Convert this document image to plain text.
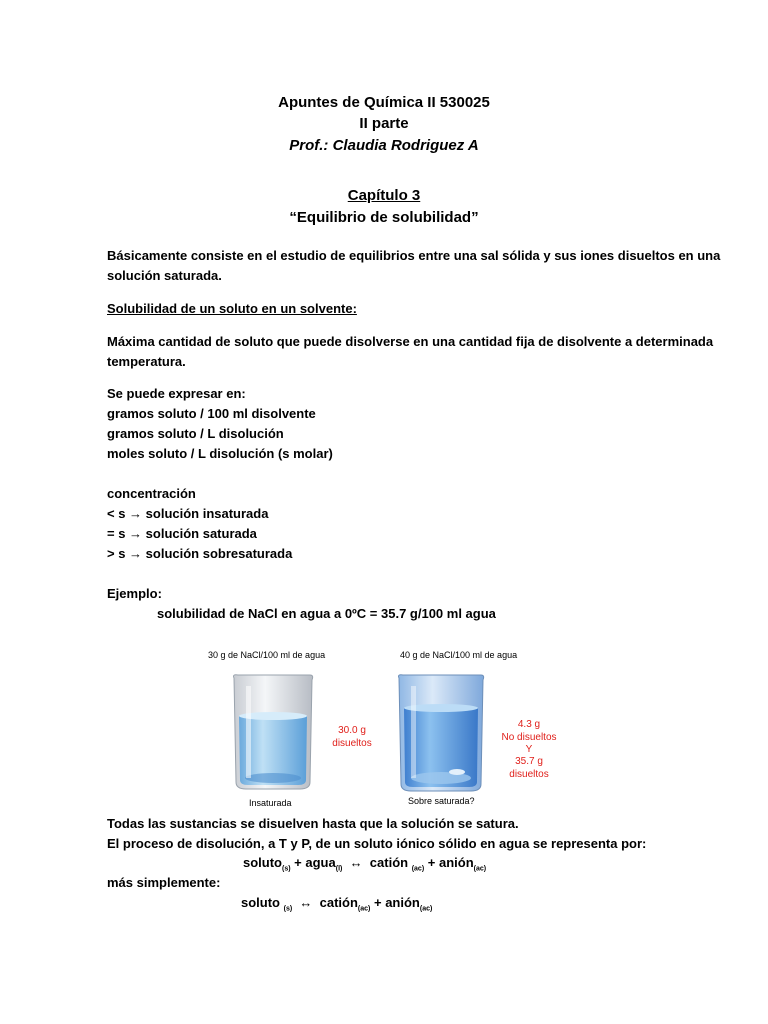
Apuntes de Química II 530025
II parte
Prof.: Claudia Rodriguez A
Capítulo 3
“Equilibrio de solubilidad”
Básicamente consiste en el estudio de equilibrios entre una sal sólida y sus iones disueltos en una
solución saturada.
Solubilidad de un soluto en un solvente:
Máxima cantidad de soluto que puede disolverse en una cantidad fija de disolvente a determinada
temperatura.
Se puede expresar en:
gramos soluto / 100 ml disolvente
gramos soluto / L disolución
moles soluto / L disolución (s molar)
concentración
< s → solución insaturada
= s → solución saturada
> s → solución sobresaturada
Ejemplo:
solubilidad de NaCl en agua a 0ºC = 35.7 g/100 ml agua
30 g de NaCl/100 ml de agua	40 g de NaCl/100 ml de agua
30.0 g
disueltos
4.3 g
No disueltos
Y
35.7 g
disueltos
Insaturada	Sobre saturada?
Todas las sustancias se disuelven hasta que la solución se satura.
El proceso de disolución, a T y P, de un soluto iónico sólido en agua se representa por:
soluto$_{(s)}$ + agua$_{(l)}$  ↔  catión $_{(ac)}$ + anión$_{(ac)}$
más simplemente:
soluto $_{(s)}$  ↔  catión$_{(ac)}$ + anión$_{(ac)}$
